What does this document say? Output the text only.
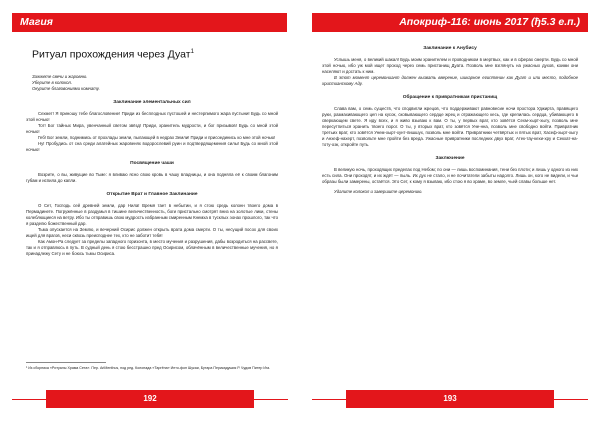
Магия
Ритуал прохождения через Дуат$^1$
Зажжете свечи и жаровню.
Уберите в колокол.
Окурите благовониями комнату.
Заклинание элементальных сил

Сехмет! Я приношу тебе благословение! Приди из бесплодных пустошей и нестерпимого жара пустыни! Будь со мной этой ночью!

Тот! Бог тайных Мира, увенчанный светом звёзд! Приди, хранитель мудрости, и бог призывов! Будь со мной этой ночью!

Геб! Бог земли, поднимись от прохлады земли, пылающей в недрах Земли! Приди и присоединись ко мне этой ночью!

Ну! Пробудись от сна среди алатейных жаровенях водорослевий руин и подтвердящемения силы! Будь со мной этой ночью!

Посвящение чаши

Возрите, о вы, живущие во Тьме: я вливаю ясно свою кровь в чашу владницы, и она подняла её к своим благоним губам и испила до капли.

Открытие Врат и Главное Заклинание

О Сет, Господь сей древней земли, дар Нила! Время тает в небытии, и я стою средь колонн твоего дома в Пермадинете. Погружённые в раздумья в тишине величественность, боги пристально смотрят вниз на золотые лики, стены колеблющиеся на ветру. Ибо ты отправишь свою мудрость избранным смиренным Кнемха в тусклых эонах прошлого, так что я разделю божественный дар.

Тьма опускается на Землю, и вечерний Осирис должен открыть врата дома смерти. О ты, несущий посох для своих ищей для врагов, неси сквозь преисподнее тех, кто не заботит тебя!

Как Амон-Ра следует за пределы западного горизонта, в место мучения и разрушения, дабы возродиться на рассвете, так и я отправлюсь в путь. В судный день я стою бесстрашно пред Осирисом, облачённым в величественные мучения, но я принадлежу Сету и не боюсь тьмы Осириса.

¹ Из сборника «Ритуалы Храма Сета». Пер. AriMenthus, под ред. Колонада «Таргёна» Инто‑фон Шукаи, Бутара Перикадушия Р. Чудов Питер Ига.
192
Апокриф-116: июнь 2017 (ђ5.3 е.п.)
Заклинание к Анубису

Услышь меня, о великий шакал! Будь моим хранителем и проводником в мертвых, как и в сферах смерти. Будь со мной этой ночью, ибо уж мой ищет проход через семь пристанищ Дуата. Позволь мне взглянуть на ужасных духов, коими они населяют и достать к ним.

В этот момент церемониант должен вызвать вверение, шикарное египтянин как Дуат и или место, подобное христианскому Аду.

Обращение к привратникам пристанищ

Слава вам, о семь существ, что сподвигли жрецов, что поддерживают равновесие ночи простора Уджирта, правящего руки, размахивающего цеп на кусок, сковывающего сердце жрец и отражающего кесь, где крепилась сердца, убивающего в сверкающем свете. Я иду всех, и я живо взываю к вам. О ты, у первых врат, кто зовётся Сехм-хырт-хыгу, позволь мне пересутпиться хранить твоего порог. О ты, у вторых врат, кто зовётся Уне-нна, позволь мне свободно войти. Привратник третьих врат, кто зовётся Унем-хырт-хунт-пишшух, позволь мне войти. Привратники четвёртых и пятых врат, Хасеф-хырт-хыгу и Анхеф-нахерт, позвольте мне пройти без вреда. Ужасные привратники последних двух врат, Атек-тау-кехи-хру и Секхат-на-тоту-оэк, откройте путь.

Заключение

В великую ночь, проходящих пределах под Небом; по они — лишь воспоминания, тени без плоти; и лишь у одного из них есть сила. Они проходят, и их ждёт — пыль. Их дух не стало, и не почитатели забыты надолго. Лишь он, кого не видели, и чьи образы были замерены, остаётся. Это Сет, к кому я взываю, ибо стою я во храме, во земле, чьей славы больше нет.

Удалите колокол и завершите церемонию.

193
